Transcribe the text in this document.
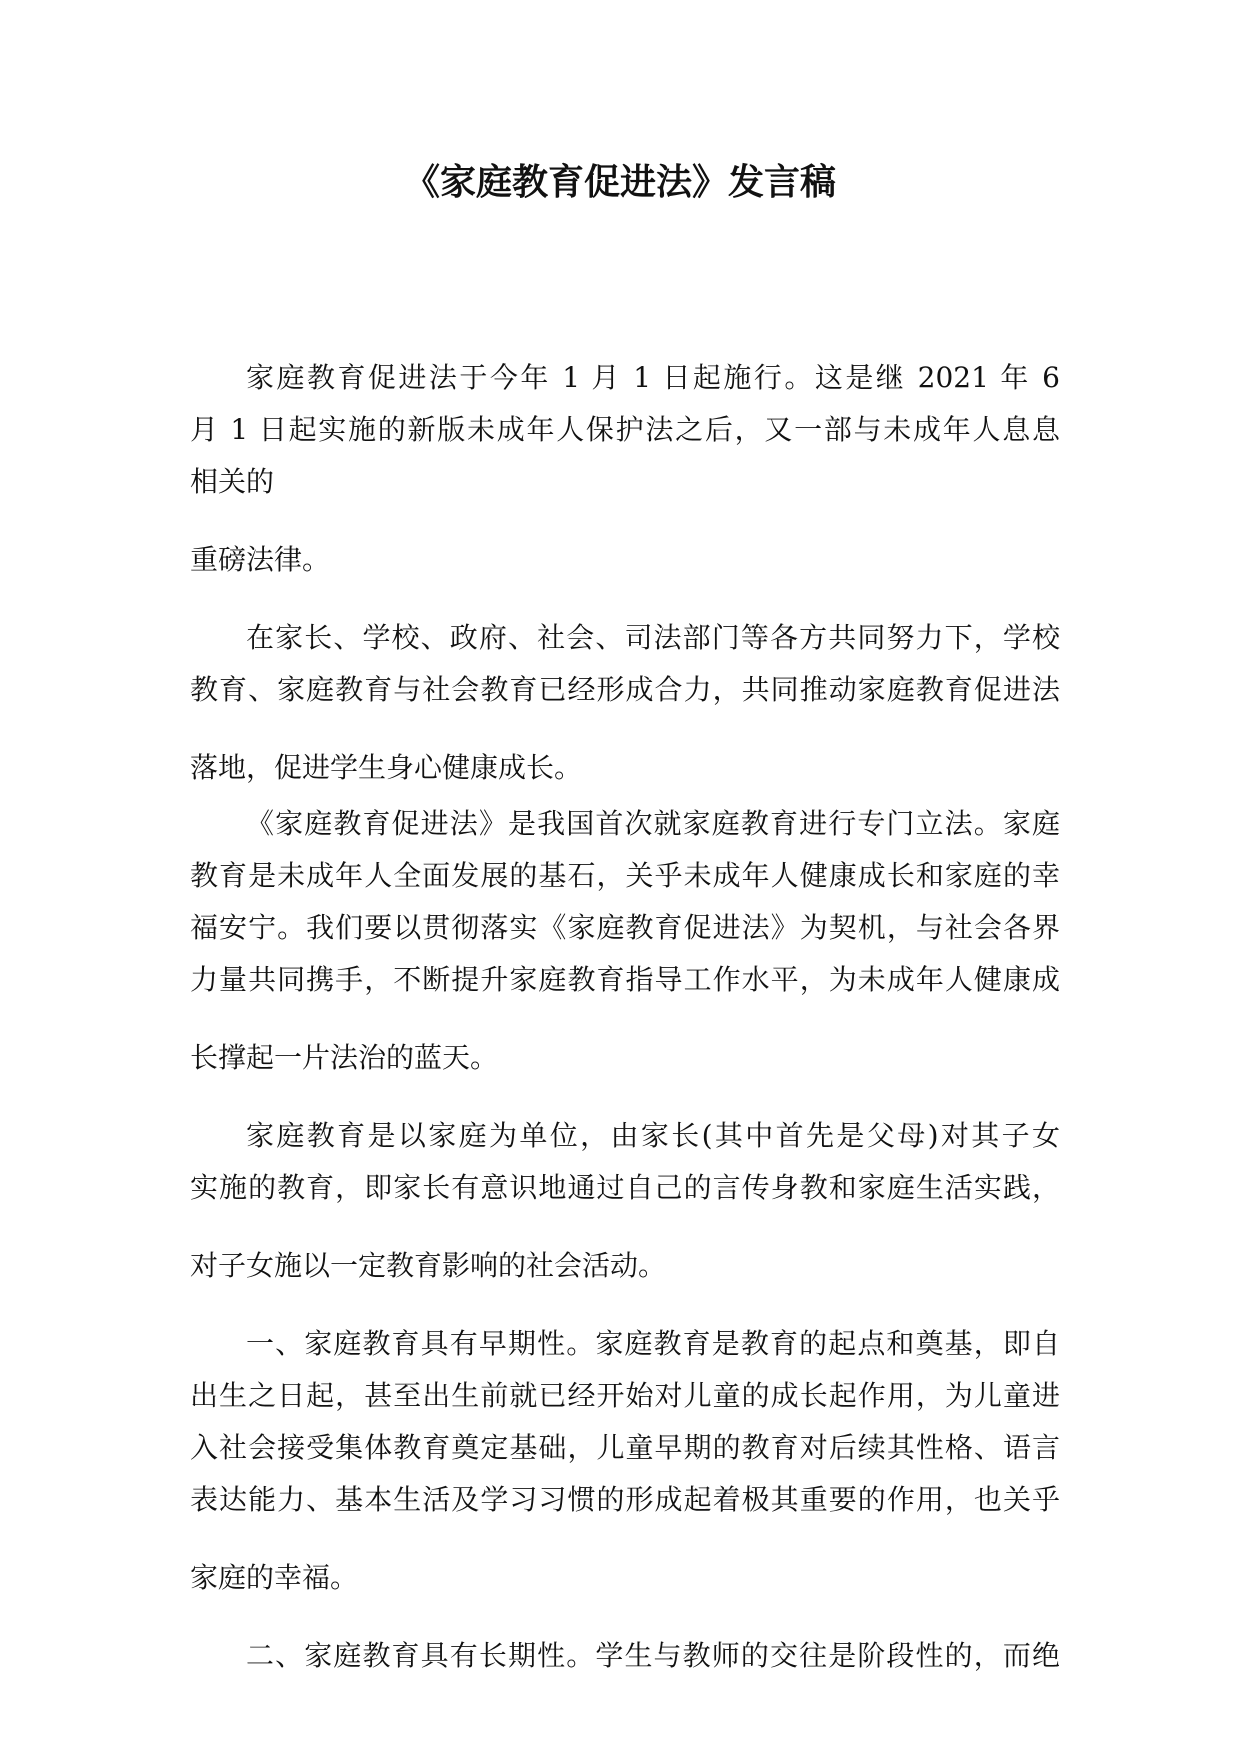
《家庭教育促进法》发言稿
家庭教育促进法于今年 1 月 1 日起施行。这是继 2021 年 6
月 1 日起实施的新版未成年人保护法之后，又一部与未成年人息息
相关的
重磅法律。
在家长、学校、政府、社会、司法部门等各方共同努力下，学校
教育、家庭教育与社会教育已经形成合力，共同推动家庭教育促进法
落地，促进学生身心健康成长。
《家庭教育促进法》是我国首次就家庭教育进行专门立法。家庭
教育是未成年人全面发展的基石，关乎未成年人健康成长和家庭的幸
福安宁。我们要以贯彻落实《家庭教育促进法》为契机，与社会各界
力量共同携手，不断提升家庭教育指导工作水平，为未成年人健康成
长撑起一片法治的蓝天。
家庭教育是以家庭为单位，由家长(其中首先是父母)对其子女
实施的教育，即家长有意识地通过自己的言传身教和家庭生活实践，
对子女施以一定教育影响的社会活动。
一、家庭教育具有早期性。家庭教育是教育的起点和奠基，即自
出生之日起，甚至出生前就已经开始对儿童的成长起作用，为儿童进
入社会接受集体教育奠定基础，儿童早期的教育对后续其性格、语言
表达能力、基本生活及学习习惯的形成起着极其重要的作用，也关乎
家庭的幸福。
二、家庭教育具有长期性。学生与教师的交往是阶段性的，而绝
